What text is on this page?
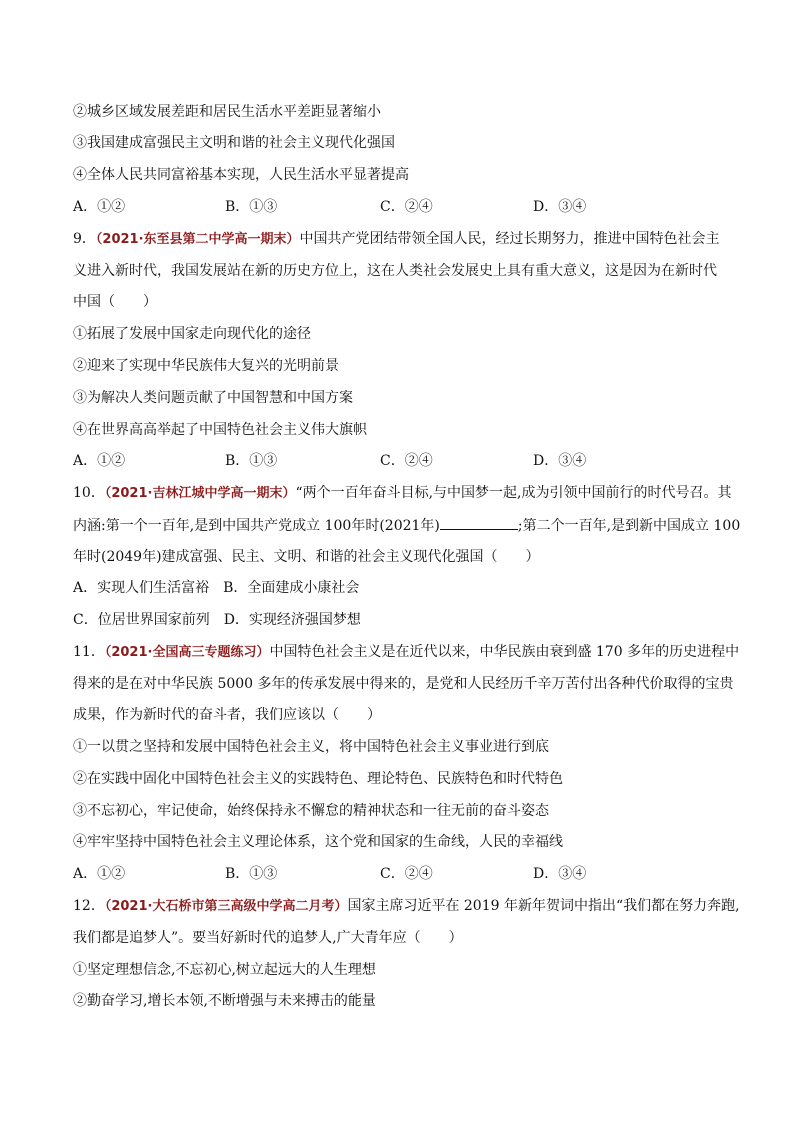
②城乡区域发展差距和居民生活水平差距显著缩小
③我国建成富强民主文明和谐的社会主义现代化强国
④全体人民共同富裕基本实现，人民生活水平显著提高
A．①②	B．①③	C．②④	D．③④
9．（2021·东至县第二中学高一期末）中国共产党团结带领全国人民，经过长期努力，推进中国特色社会主
义进入新时代，我国发展站在新的历史方位上，这在人类社会发展史上具有重大意义，这是因为在新时代
中国（　　）
①拓展了发展中国家走向现代化的途径
②迎来了实现中华民族伟大复兴的光明前景
③为解决人类问题贡献了中国智慧和中国方案
④在世界高高举起了中国特色社会主义伟大旗帜
A．①②	B．①③	C．②④	D．③④
10．（2021·吉林江城中学高一期末）“两个一百年奋斗目标,与中国梦一起,成为引领中国前行的时代号召。其
内涵:第一个一百年,是到中国共产党成立 100年时(2021年)	;第二个一百年,是到新中国成立 100
年时(2049年)建成富强、民主、文明、和谐的社会主义现代化强国（　　）
A．实现人们生活富裕　B．全面建成小康社会
C．位居世界国家前列　D．实现经济强国梦想
11．（2021·全国高三专题练习）中国特色社会主义是在近代以来，中华民族由衰到盛 170 多年的历史进程中
得来的是在对中华民族 5000 多年的传承发展中得来的，是党和人民经历千辛万苦付出各种代价取得的宝贵
成果，作为新时代的奋斗者，我们应该以（　　）
①一以贯之坚持和发展中国特色社会主义，将中国特色社会主义事业进行到底
②在实践中固化中国特色社会主义的实践特色、理论特色、民族特色和时代特色
③不忘初心，牢记使命，始终保持永不懈怠的精神状态和一往无前的奋斗姿态
④牢牢坚持中国特色社会主义理论体系，这个党和国家的生命线，人民的幸福线
A．①②	B．①③	C．②④	D．③④
12．（2021·大石桥市第三高级中学高二月考）国家主席习近平在 2019 年新年贺词中指出“我们都在努力奔跑,
我们都是追梦人”。要当好新时代的追梦人,广大青年应（　　）
①坚定理想信念,不忘初心,树立起远大的人生理想
②勤奋学习,增长本领,不断增强与未来搏击的能量
